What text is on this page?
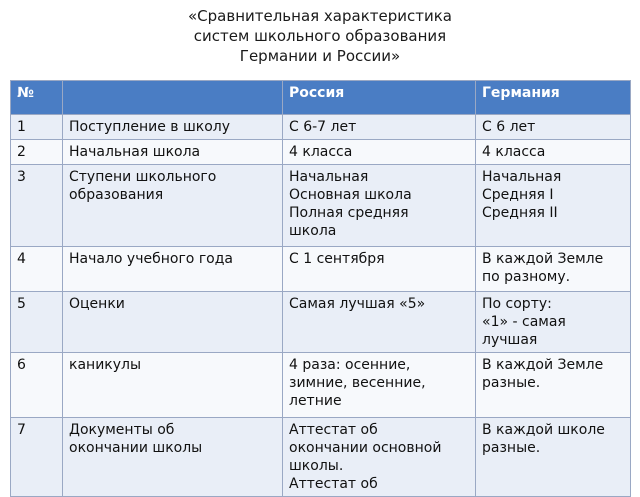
«Сравнительная характеристика
систем школьного образования
Германии и России»
№		Россия	Германия
1	Поступление в школу	С 6-7 лет	С 6 лет

2	Начальная школа	4 класса	4 класса

3	Ступени школьного
образования	Начальная
Основная школа
Полная средняя
школа	Начальная
Средняя I
Средняя II

4	Начало учебного года	С 1 сентября	В каждой Земле
по разному.

5	Оценки	Самая лучшая «5»	По сорту:
«1» - самая
лучшая

6	каникулы	4 раза: осенние,
зимние, весенние,
летние	В каждой Земле
разные.

7	Документы об
окончании школы	Аттестат об
окончании основной
школы.
Аттестат об	В каждой школе
разные.
